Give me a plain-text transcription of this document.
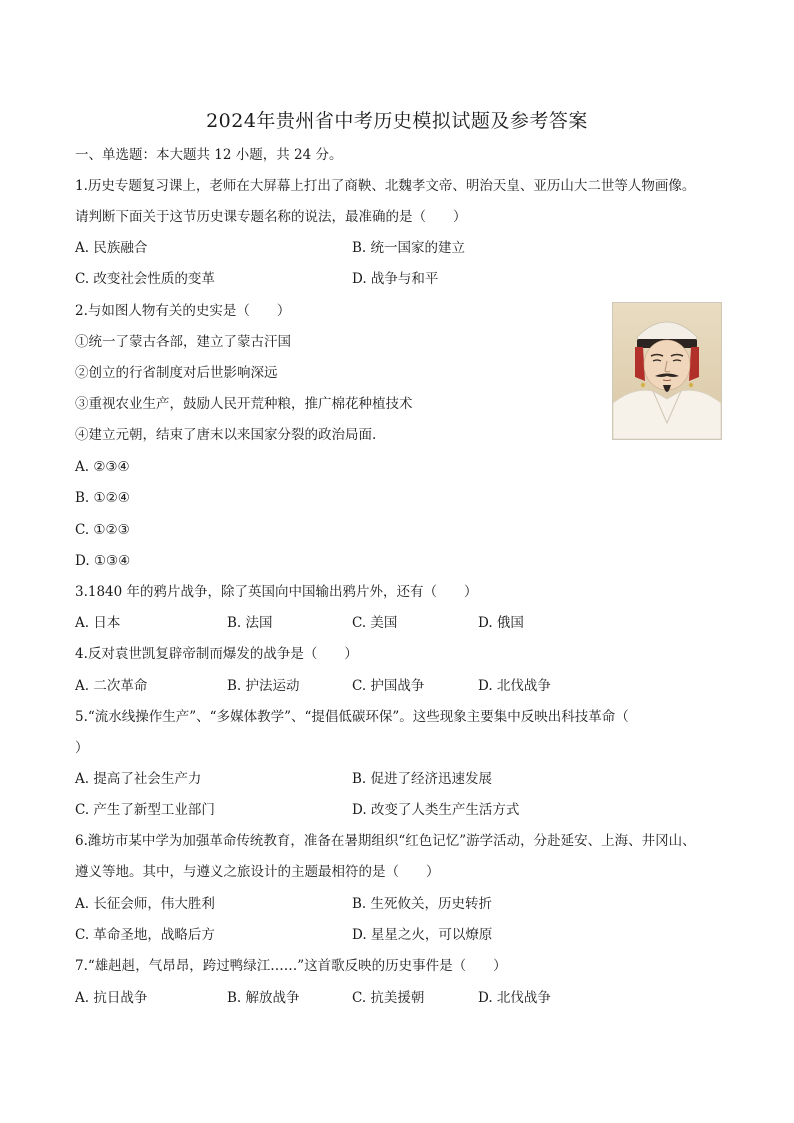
2024年贵州省中考历史模拟试题及参考答案
一、单选题：本大题共 12 小题，共 24 分。
1.历史专题复习课上，老师在大屏幕上打出了商鞅、北魏孝文帝、明治天皇、亚历山大二世等人物画像。
请判断下面关于这节历史课专题名称的说法，最准确的是（　　）
A. 民族融合	B. 统一国家的建立
C. 改变社会性质的变革	D. 战争与和平
2.与如图人物有关的史实是（　　）
①统一了蒙古各部，建立了蒙古汗国
②创立的行省制度对后世影响深远
③重视农业生产，鼓励人民开荒种粮，推广棉花种植技术
④建立元朝，结束了唐末以来国家分裂的政治局面.
A. ②③④
B. ①②④
C. ①②③
D. ①③④
3.1840 年的鸦片战争，除了英国向中国输出鸦片外，还有（　　）
A. 日本	B. 法国	C. 美国	D. 俄国
4.反对袁世凯复辟帝制而爆发的战争是（　　）
A. 二次革命	B. 护法运动	C. 护国战争	D. 北伐战争
5.“流水线操作生产”、“多媒体教学”、“提倡低碳环保”。这些现象主要集中反映出科技革命（
）
A. 提高了社会生产力	B. 促进了经济迅速发展
C. 产生了新型工业部门	D. 改变了人类生产生活方式
6.潍坊市某中学为加强革命传统教育，准备在暑期组织“红色记忆”游学活动，分赴延安、上海、井冈山、
遵义等地。其中，与遵义之旅设计的主题最相符的是（　　）
A. 长征会师，伟大胜利	B. 生死攸关，历史转折
C. 革命圣地，战略后方	D. 星星之火，可以燎原
7.“雄赳赳，气昂昂，跨过鸭绿江……”这首歌反映的历史事件是（　　）
A. 抗日战争	B. 解放战争	C. 抗美援朝	D. 北伐战争
